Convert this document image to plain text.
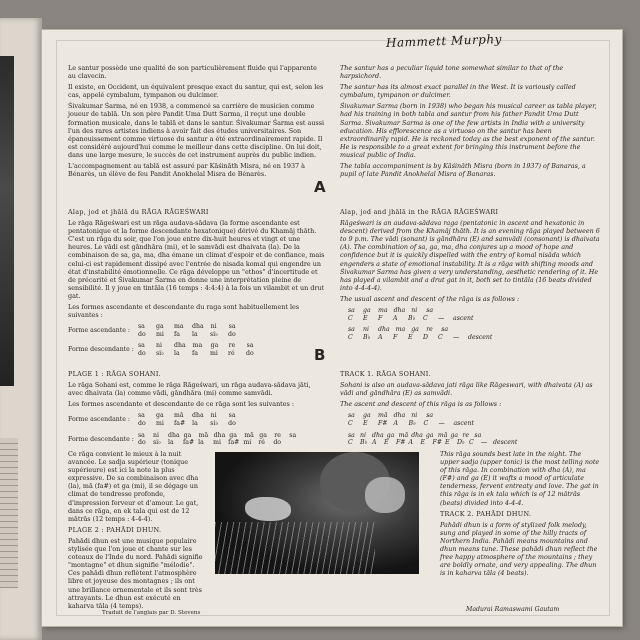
Hammett Murphy

Le santur possède une qualité de son particulièrement fluide qui l'apparente au clavecin.

Il existe, en Occident, un équivalent presque exact du santur, qui est, selon les cas, appelé cymbalum, tympanon ou dulcimer.

Śivakumar Śarma, né en 1938, a commencé sa carrière de musicien comme joueur de tablā. Un son père Pandit Uma Dutt Sarma, il reçut une double formation musicale, dans le tablā et dans le santur. Śivakumar Śarma est aussi l'un des rares artistes indiens à avoir fait des études universitaires. Son épanouissement comme virtuose du santur a été extraordinairement rapide. Il est considéré aujourd'hui comme le meilleur dans cette discipline. On lui doit, dans une large mesure, le succès de cet instrument auprès du public indien.

L'accompagnement au tablā est assuré par Kāśināth Misra, né en 1937 à Bénarès, un élève de feu Pandit Anokhelal Misra de Bénarès.

The santur has a peculiar liquid tone somewhat similar to that of the harpsichord.

The santur has its almost exact parallel in the West. It is variously called cymbalum, tympanon or dulcimer.

Śivakumar Sarma (born in 1938) who began his musical career as tabla player, had his training in both tabla and santur from his father Pandit Uma Dutt Sarma. Śivakumar Sarma is one of the few artists in India with a university education. His efflorescence as a virtuoso on the santur has been extraordinarily rapid. He is reckoned today as the best exponent of the santur. He is responsible to a great extent for bringing this instrument before the musical public of India.

The tabla accompaniment is by Kāśināth Misra (born in 1937) of Banaras, a pupil of late Pandit Anokhelal Misra of Banaras.

A

Alap, jod et jhālā du RĀGA RĀGEŚWARI

Le rāga Rāgeśwari est un rāga audava-sādava (la forme ascendante est pentatonique et la forme descendante hexatonique) dérivé du Khamāj thāth. C'est un rāga du soir, que l'on joue entre dix-huit heures et vingt et une heures. Le vādi est gāndhāra (mi), et le samvādi est dhaivata (la). De la combinaison de sa, ga, ma, dha émane un climat d'espoir et de confiance, mais celui-ci est rapidement dissipé avec l'entrée de nisada komal qui engendre un état d'instabilité émotionnelle. Ce rāga développe un "ethos" d'incertitude et de précarité et Śivakumar Śarma en donne une interprétation pleine de sensibilité. Il y joue en tintāla (16 temps : 4:4:4) à la fois un vilambit et un drut gat.

Les formes ascendante et descendante du raga sont habituellement les suivantes :

Forme ascendante :
sa	ga	ma dha ni	sa
do	mi	fa	la	si♭	do
Forme descendante :
sa	ni	dha ma ga	re	sa
do	si♭	la	fa	mi	ré	do

Alap, jod and jhālā in the RĀGA RĀGEŚWARI

Rāgeśwari is an audava-sādava raga (pentatonic in ascent and hexatonic in descent) derived from the Khamāj thāth. It is an evening rāga played between 6 to 9 p.m. The vādi (sonant) is gāndhāra (E) and samvādi (consonant) is dhaivata (A). The combination of sa, ga, ma, dha conjures up a mood of hope and confidence but it is quickly dispelled with the entry of komal nisāda which engenders a state of emotional instability. It is a rāga with shifting moods and Śivakumar Sarma has given a very understanding, aesthetic rendering of it. He has played a vilambit and a drut gat in it, both set to tintāla (16 beats divided into 4-4-4-4).

The usual ascent and descent of the rāga is as follows :

sa	ga ma dha ni	sa
C	E	F	A	B♭ C	—	ascent
sa	ni	dha ma ga re	sa
C	B♭ A	F	E	D	C	—	descent
B

PLAGE 1 : RĀGA SOHANI.

Le rāga Sohani est, comme le rāga Rāgeśwari, un rāga audava-sādava jāti, avec dhaivata (la) comme vādi, gāndhāra (mi) comme samvādi.

Les formes ascendante et descendante de ce rāga sont les suivantes :

Forme ascendante :
sa	ga	mā dha ni	sa
do	mi	fa# la	si♭	do
Forme descendante :
sa	ni	dha ga	mā dha ga	mā ga	re	sa
do	si♭	la	fa# la	mi	fa# mi	ré	do

Ce rāga convient le mieux à la nuit avancée. Le sadja supérieur (tonique supérieure) est ici la note la plus expressive. De sa combinaison avec dha (la), mā (fa#) et ga (mi), il se dégage un climat de tendresse profonde, d'impression ferveur et d'amour. Le gat, dans ce rāga, en ek tala qui est de 12 mātrās (12 temps : 4-4-4).

PLAGE 2 : PAHĀDI DHUN.

Pahādi dhun est une musique populaire stylisée que l'on joue et chante sur les coteaux de l'Inde du nord. Pahādi signifie "montagne" et dhun signifie "mélodie". Ces pahādi dhun reflètent l'atmosphère libre et joyeuse des montagnes ; ils ont une brillance ornementale et ils sont très attrayants. Le dhun est exécuté en kaharva tāla (4 temps).

Traduit de l'anglais par D. Stevens

TRACK 1. RĀGA SOHANI.

Sohani is also an audava-sādava jati rāga like Rāgeswari, with dhaivata (A) as vādi and gāndhāra (E) as samvādi.

The ascent and descent of this rāga is as follows :

sa	ga mā dha ni	sa
C	E	F# A	B♭ C	—	ascent
sa ni dha ga mā dha ga mā ga re sa
C	B♭ A	E	F# A	E	F# E	D♭ C	— descent

This rāga sounds best late in the night. The upper sadja (upper tonic) is the most telling note of this rāga. In combination with dha (A), ma (F#) and ga (E) it wafts a mood of articulate tenderness, fervent entreaty and love. The gat in this rāga is in ek tala which is of 12 mātrās (beats) divided into 4-4-4.

TRACK 2. PAHĀDI DHUN.

Pahādi dhun is a form of stylized folk melody, sung and played in some of the hilly tracts of Northern India. Pahādi means mountains and dhun means tune. These pahādi dhun reflect the free happy atmosphere of the mountains ; they are boldly ornate, and very appealing. The dhun is in kaharva tāla (4 beats).

Madurai Ramaswami Gautam
